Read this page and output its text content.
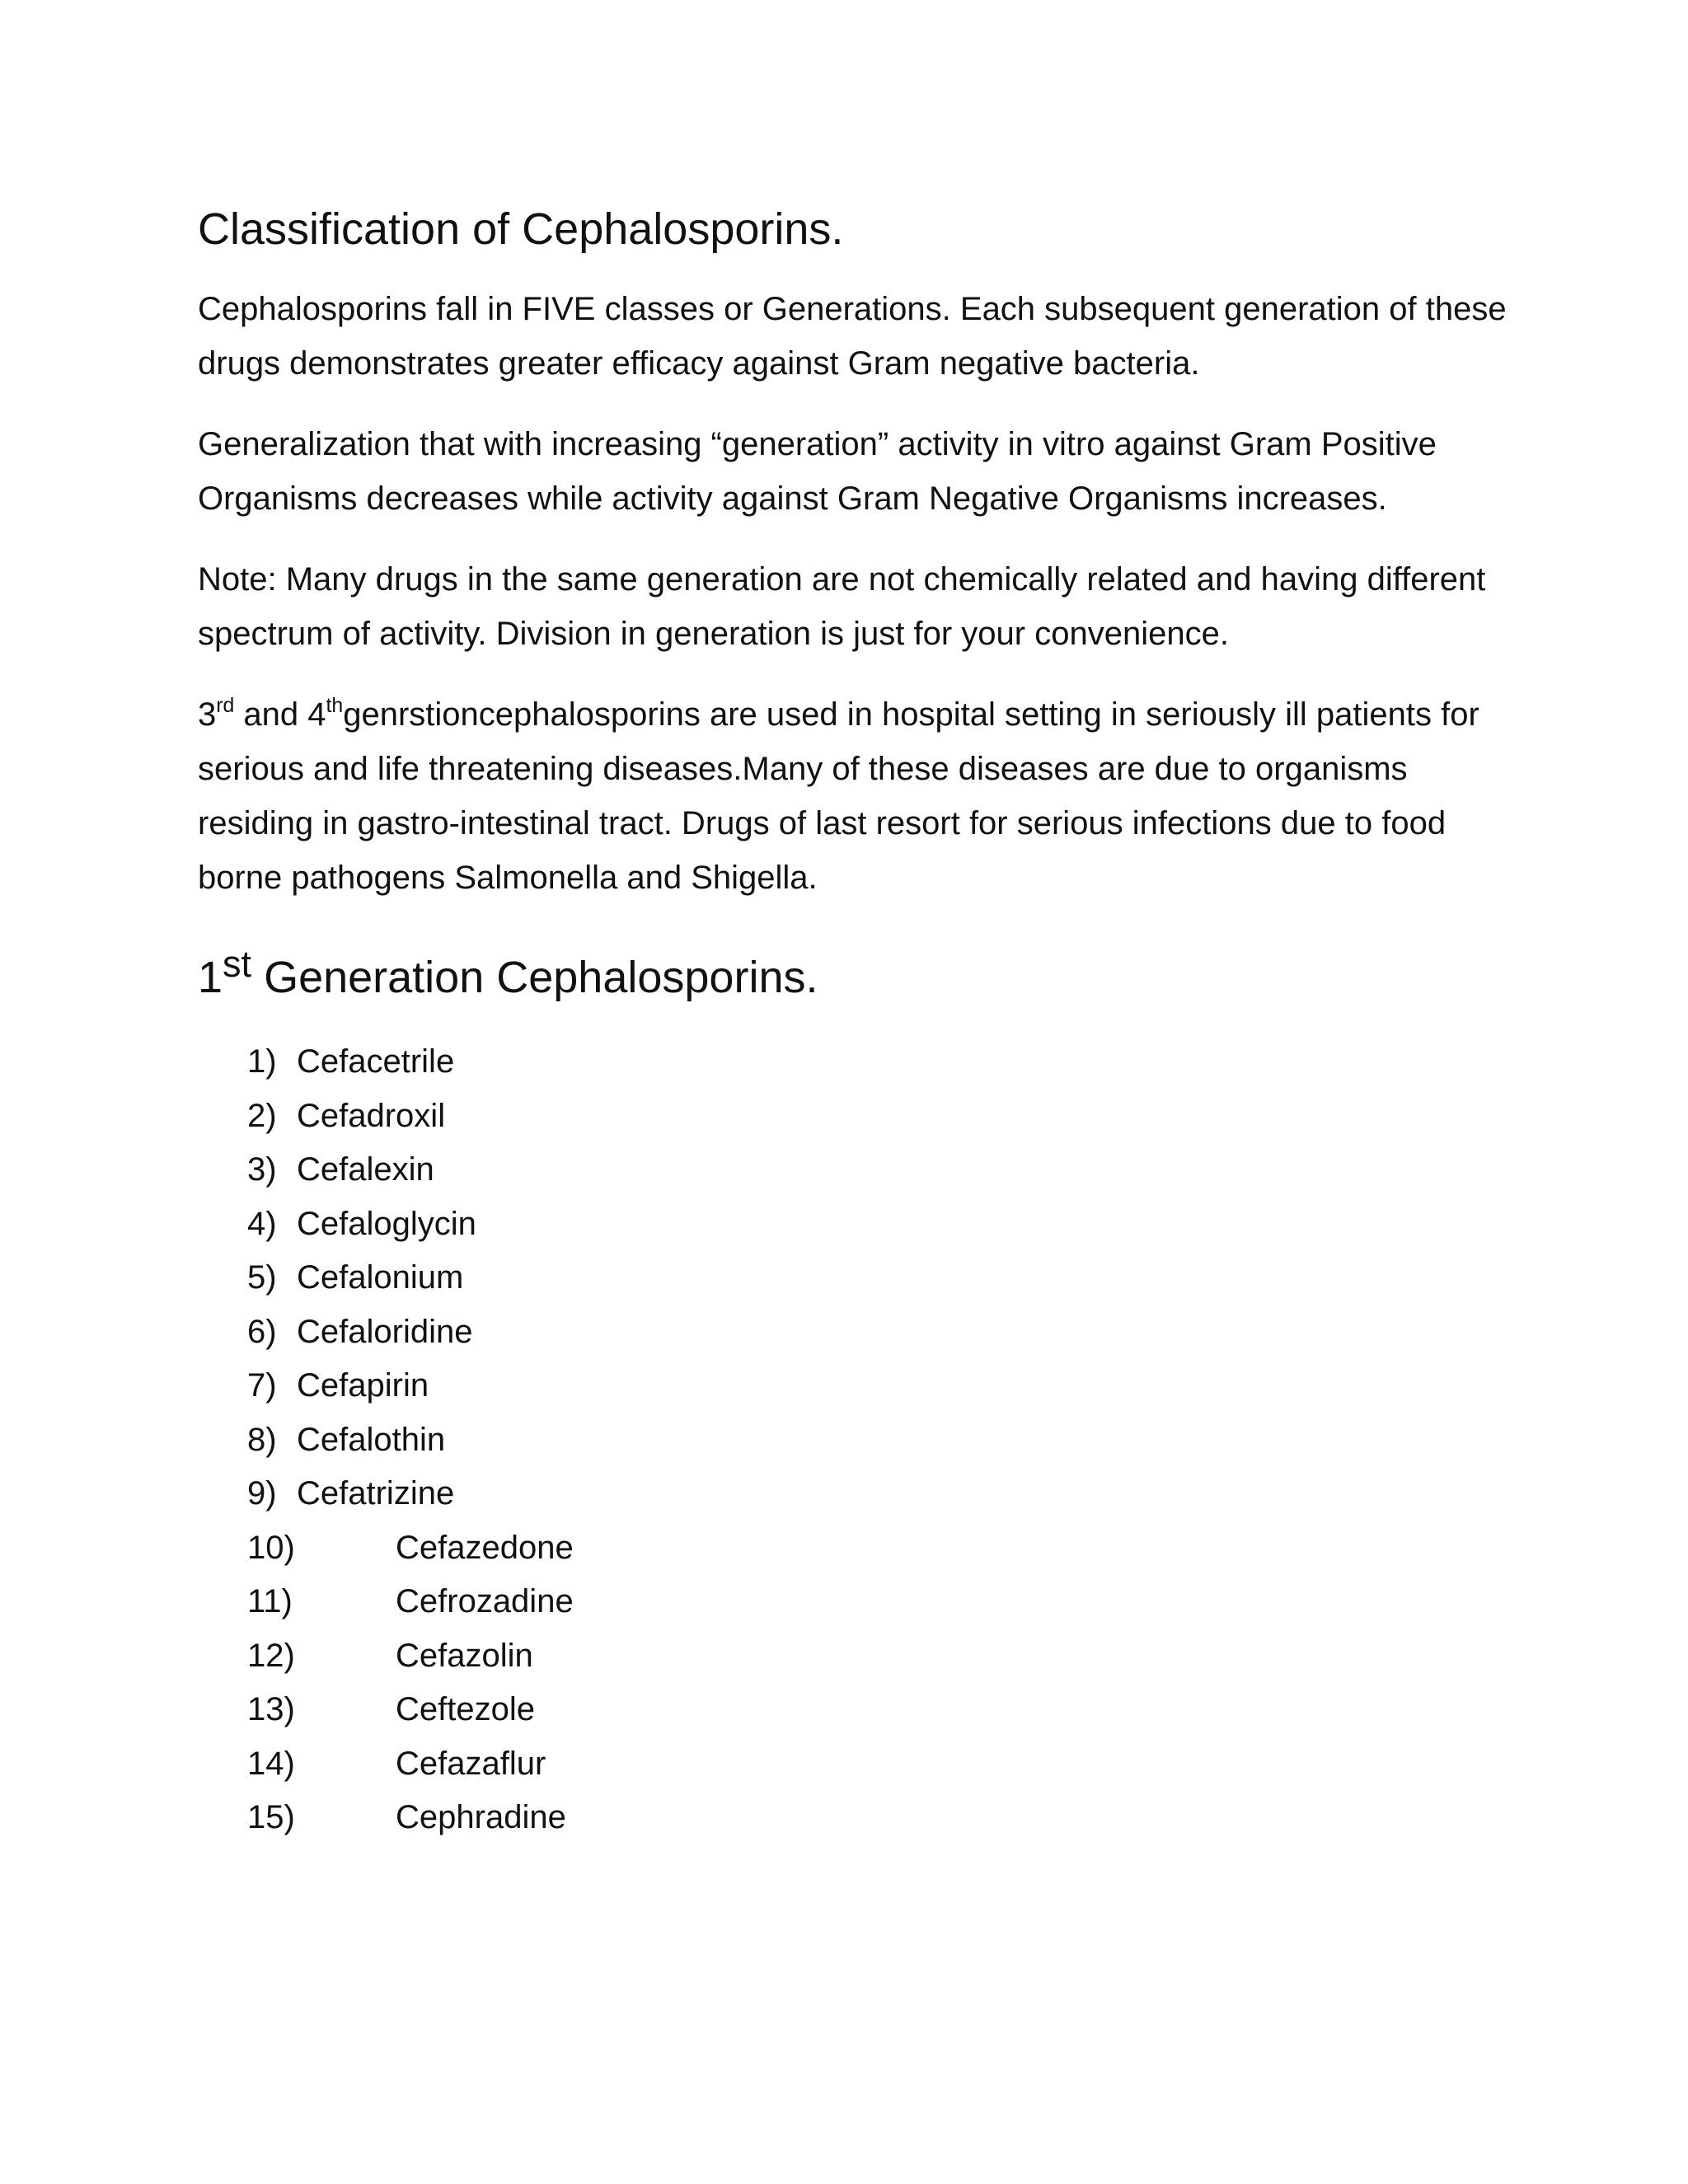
Classification of Cephalosporins.

Cephalosporins fall in FIVE classes or Generations. Each subsequent generation of these drugs demonstrates greater efficacy against Gram negative bacteria.

Generalization that with increasing “generation” activity in vitro against Gram Positive Organisms decreases while activity against Gram Negative Organisms increases.

Note: Many drugs in the same generation are not chemically related and having different spectrum of activity. Division in generation is just for your convenience.

3rd and 4thgenrstioncephalosporins are used in hospital setting in seriously ill patients for serious and life threatening diseases.Many of these diseases are due to organisms residing in gastro-intestinal tract. Drugs of last resort for serious infections due to food borne pathogens Salmonella and Shigella.

1st Generation Cephalosporins.
1) Cefacetrile
2) Cefadroxil
3) Cefalexin
4) Cefaloglycin
5) Cefalonium
6) Cefaloridine
7) Cefapirin
8) Cefalothin
9) Cefatrizine
10)	Cefazedone
11)	Cefrozadine
12)	Cefazolin
13)	Ceftezole
14)	Cefazaflur
15)	Cephradine
